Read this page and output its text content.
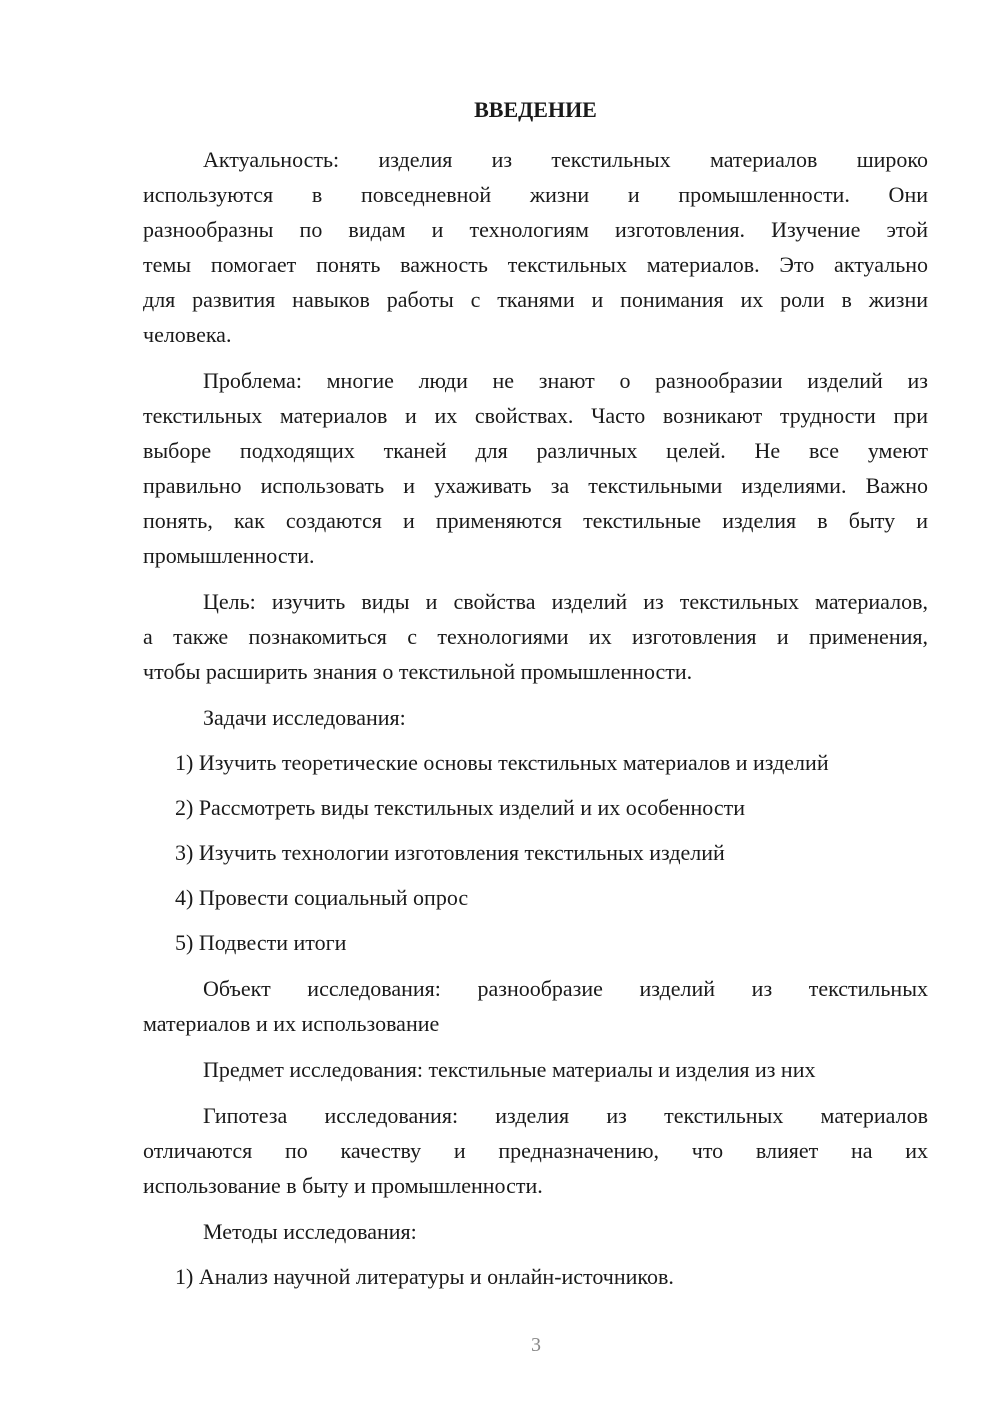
ВВЕДЕНИЕ
Актуальность: изделия из текстильных материалов широко
используются в повседневной жизни и промышленности. Они
разнообразны по видам и технологиям изготовления. Изучение этой
темы помогает понять важность текстильных материалов. Это актуально
для развития навыков работы с тканями и понимания их роли в жизни
человека.
Проблема: многие люди не знают о разнообразии изделий из
текстильных материалов и их свойствах. Часто возникают трудности при
выборе подходящих тканей для различных целей. Не все умеют
правильно использовать и ухаживать за текстильными изделиями. Важно
понять, как создаются и применяются текстильные изделия в быту и
промышленности.
Цель: изучить виды и свойства изделий из текстильных материалов,
а также познакомиться с технологиями их изготовления и применения,
чтобы расширить знания о текстильной промышленности.
Задачи исследования:
1) Изучить теоретические основы текстильных материалов и изделий
2) Рассмотреть виды текстильных изделий и их особенности
3) Изучить технологии изготовления текстильных изделий
4) Провести социальный опрос
5) Подвести итоги
Объект исследования: разнообразие изделий из текстильных
материалов и их использование
Предмет исследования: текстильные материалы и изделия из них
Гипотеза исследования: изделия из текстильных материалов
отличаются по качеству и предназначению, что влияет на их
использование в быту и промышленности.
Методы исследования:
1) Анализ научной литературы и онлайн-источников.
3
